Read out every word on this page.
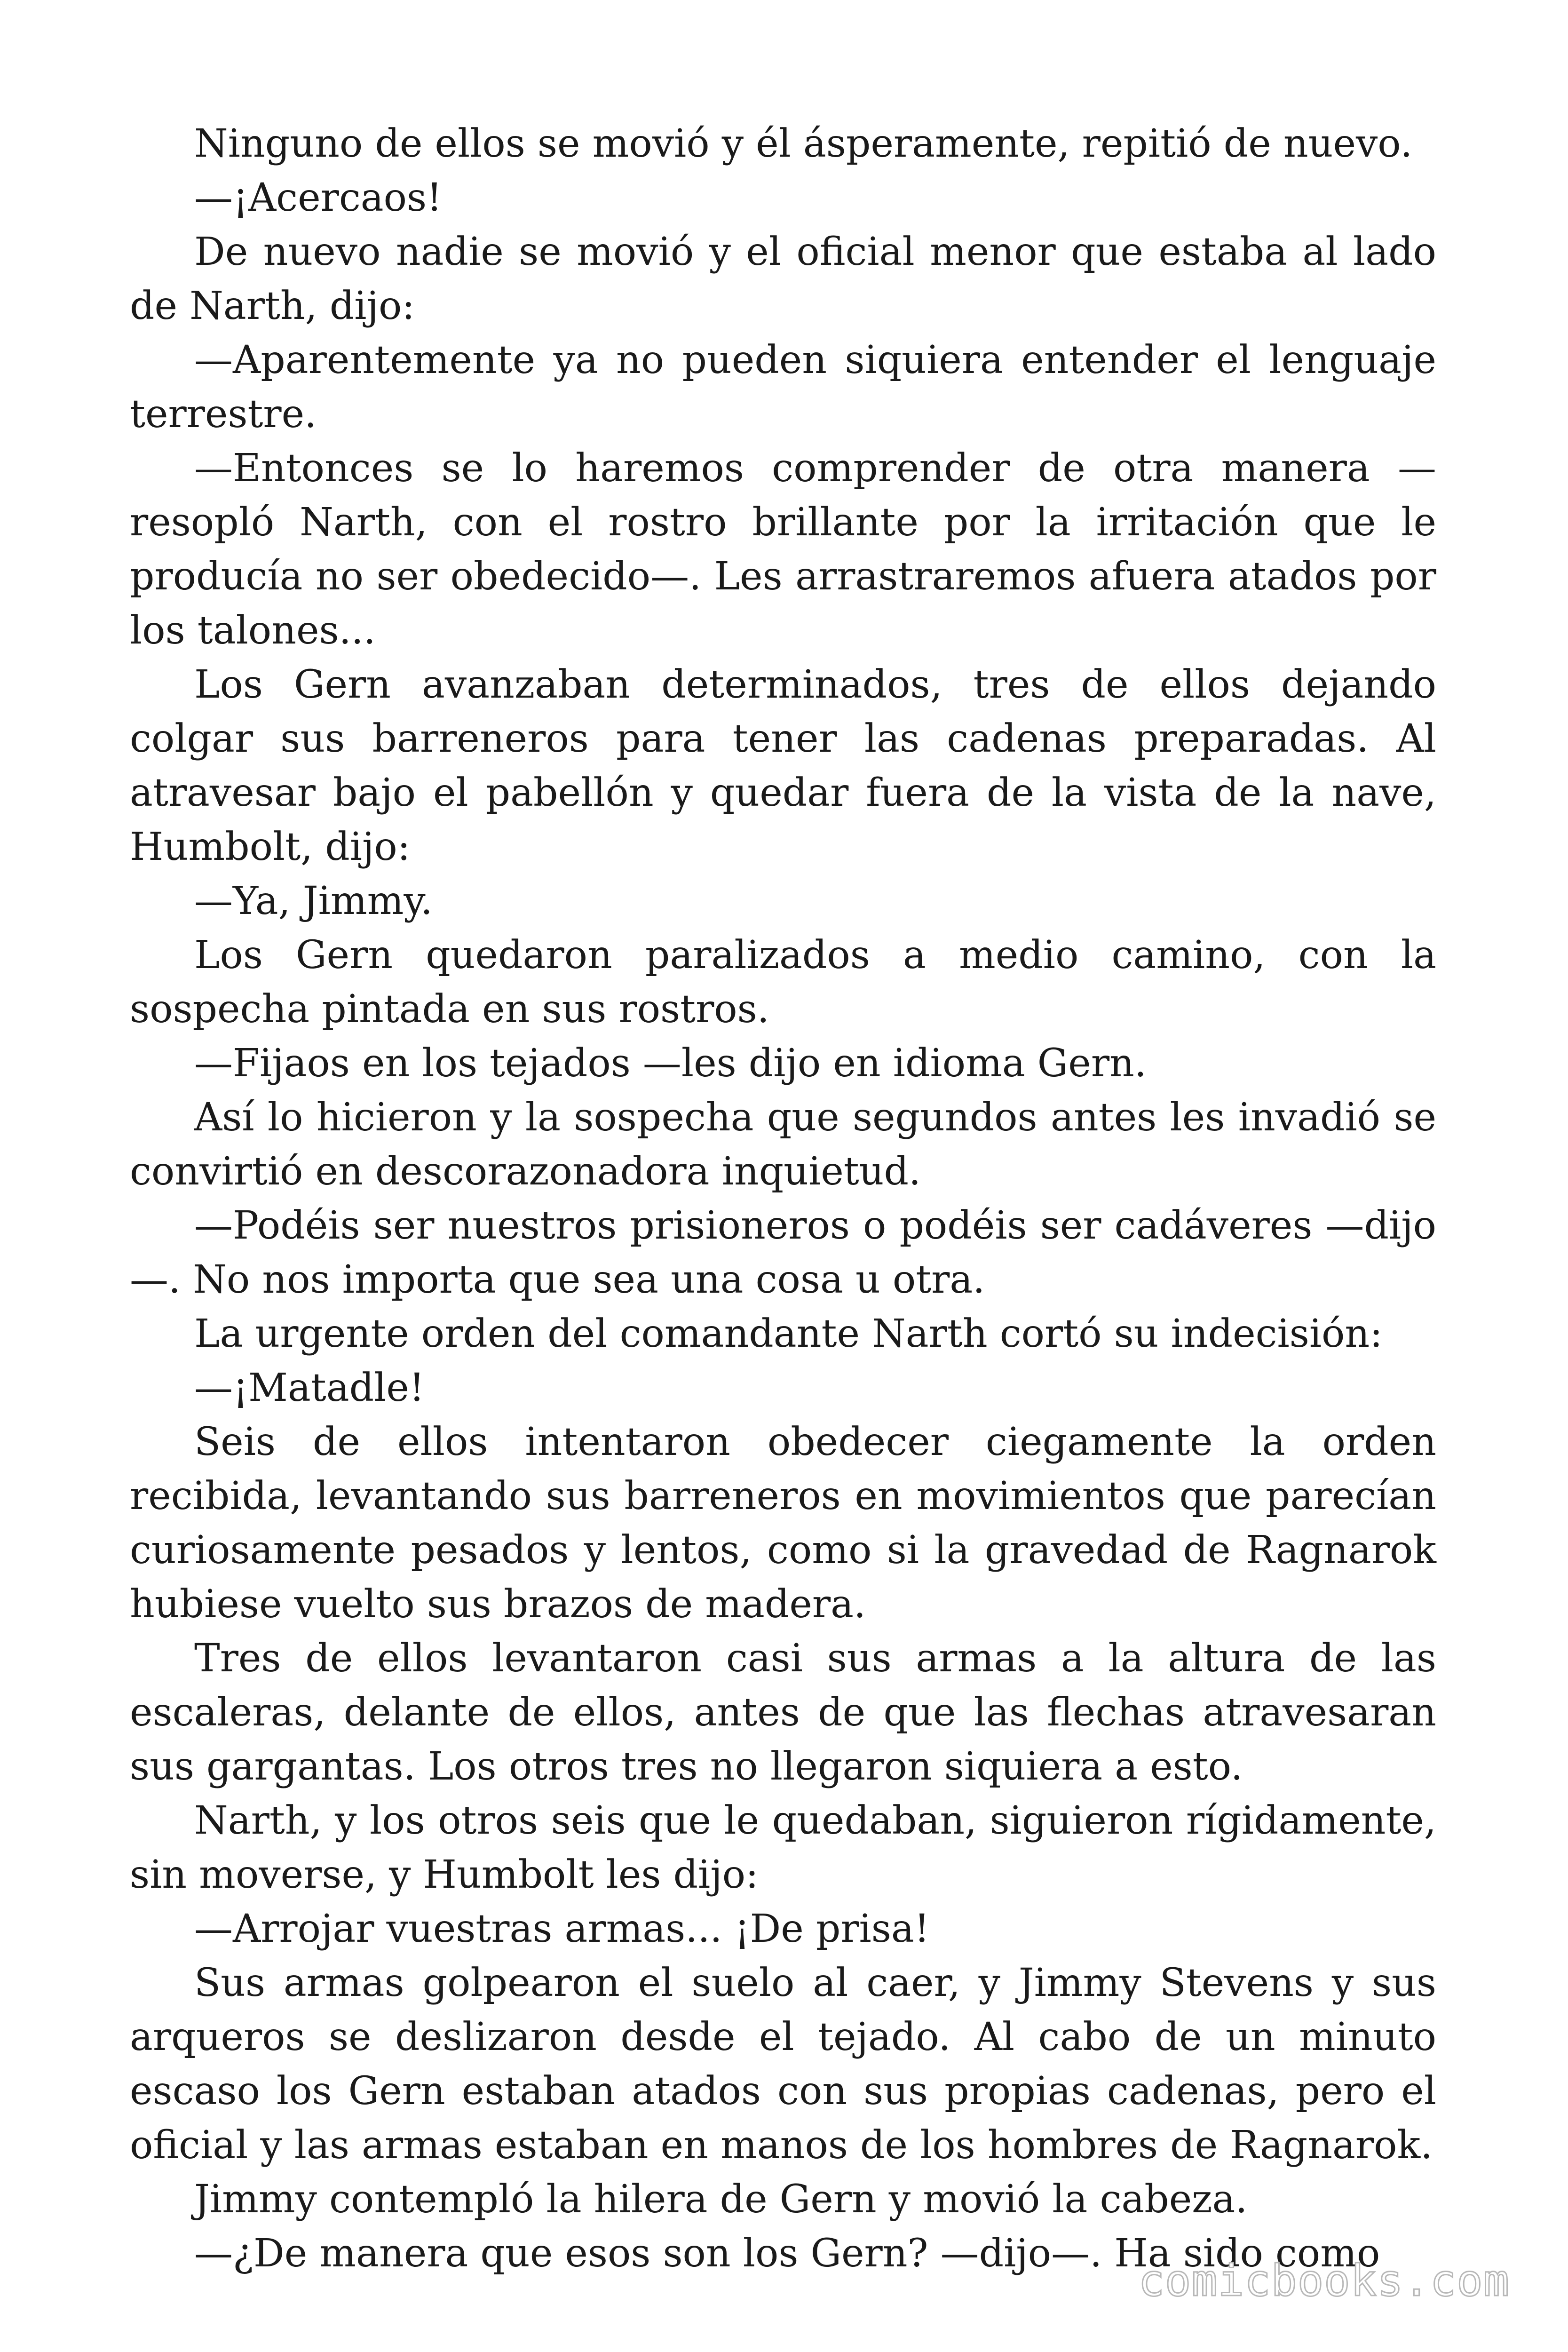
Ninguno de ellos se movió y él ásperamente, repitió de nuevo.

—¡Acercaos!

De nuevo nadie se movió y el oficial menor que estaba al lado de Narth, dijo:

—Aparentemente ya no pueden siquiera entender el lenguaje terrestre.

—Entonces se lo haremos comprender de otra manera —resopló Narth, con el rostro brillante por la irritación que le producía no ser obedecido—. Les arrastraremos afuera atados por los talones...

Los Gern avanzaban determinados, tres de ellos dejando colgar sus barreneros para tener las cadenas preparadas. Al atravesar bajo el pabellón y quedar fuera de la vista de la nave, Humbolt, dijo:

—Ya, Jimmy.

Los Gern quedaron paralizados a medio camino, con la sospecha pintada en sus rostros.

—Fijaos en los tejados —les dijo en idioma Gern.

Así lo hicieron y la sospecha que segundos antes les invadió se convirtió en descorazonadora inquietud.

—Podéis ser nuestros prisioneros o podéis ser cadáveres —dijo —. No nos importa que sea una cosa u otra.

La urgente orden del comandante Narth cortó su indecisión:

—¡Matadle!

Seis de ellos intentaron obedecer ciegamente la orden recibida, levantando sus barreneros en movimientos que parecían curiosamente pesados y lentos, como si la gravedad de Ragnarok hubiese vuelto sus brazos de madera.

Tres de ellos levantaron casi sus armas a la altura de las escaleras, delante de ellos, antes de que las flechas atravesaran sus gargantas. Los otros tres no llegaron siquiera a esto.

Narth, y los otros seis que le quedaban, siguieron rígidamente, sin moverse, y Humbolt les dijo:

—Arrojar vuestras armas... ¡De prisa!

Sus armas golpearon el suelo al caer, y Jimmy Stevens y sus arqueros se deslizaron desde el tejado. Al cabo de un minuto escaso los Gern estaban atados con sus propias cadenas, pero el oficial y las armas estaban en manos de los hombres de Ragnarok.

Jimmy contempló la hilera de Gern y movió la cabeza.

—¿De manera que esos son los Gern? —dijo—. Ha sido como

comicbooks.com
